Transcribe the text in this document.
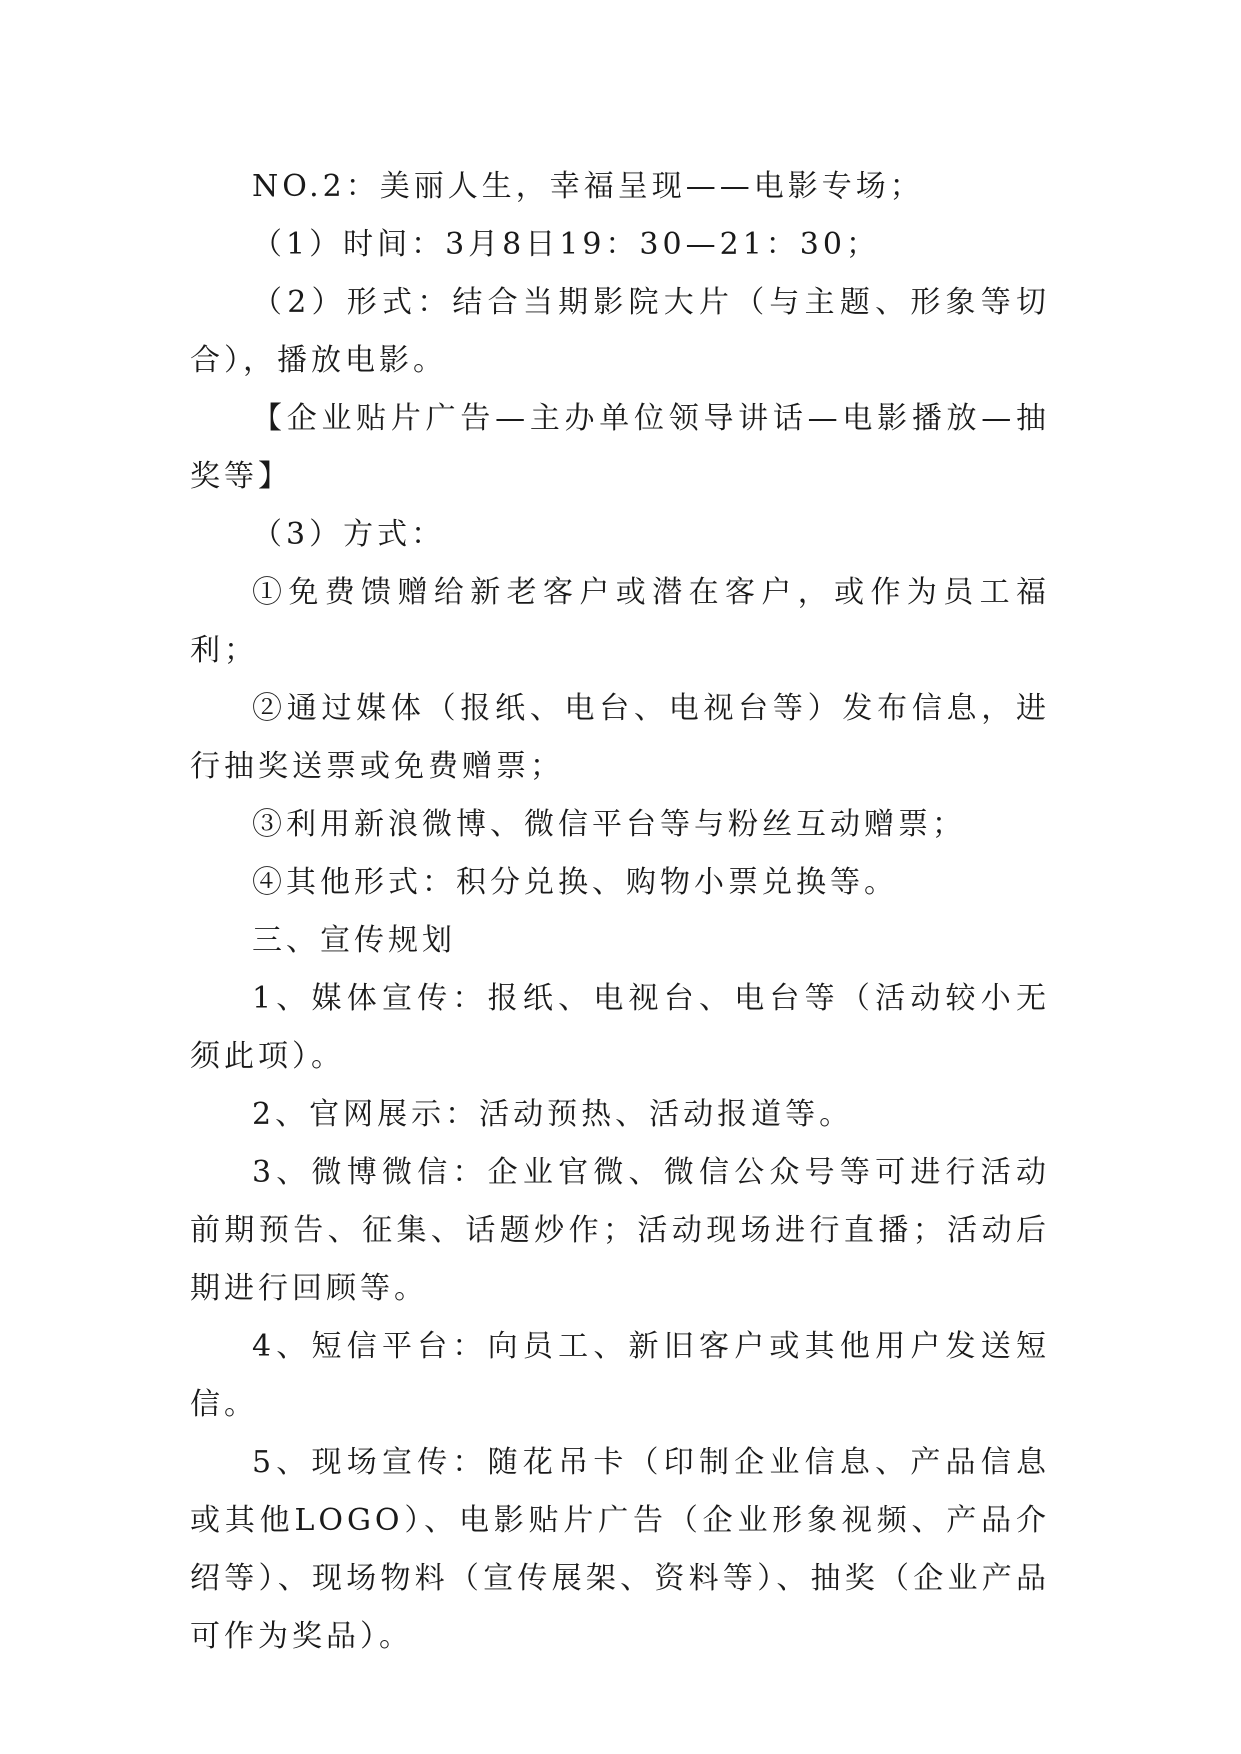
NO.2：美丽人生，幸福呈现——电影专场；

（1）时间：3月8日19：30—21：30；

（2）形式：结合当期影院大片（与主题、形象等切合），播放电影。

【企业贴片广告—主办单位领导讲话—电影播放—抽奖等】

（3）方式：

①免费馈赠给新老客户或潜在客户，或作为员工福利；

②通过媒体（报纸、电台、电视台等）发布信息，进行抽奖送票或免费赠票；

③利用新浪微博、微信平台等与粉丝互动赠票；

④其他形式：积分兑换、购物小票兑换等。

三、宣传规划

1、媒体宣传：报纸、电视台、电台等（活动较小无须此项）。

2、官网展示：活动预热、活动报道等。

3、微博微信：企业官微、微信公众号等可进行活动前期预告、征集、话题炒作；活动现场进行直播；活动后期进行回顾等。

4、短信平台：向员工、新旧客户或其他用户发送短信。

5、现场宣传：随花吊卡（印制企业信息、产品信息或其他LOGO）、电影贴片广告（企业形象视频、产品介绍等）、现场物料（宣传展架、资料等）、抽奖（企业产品可作为奖品）。
